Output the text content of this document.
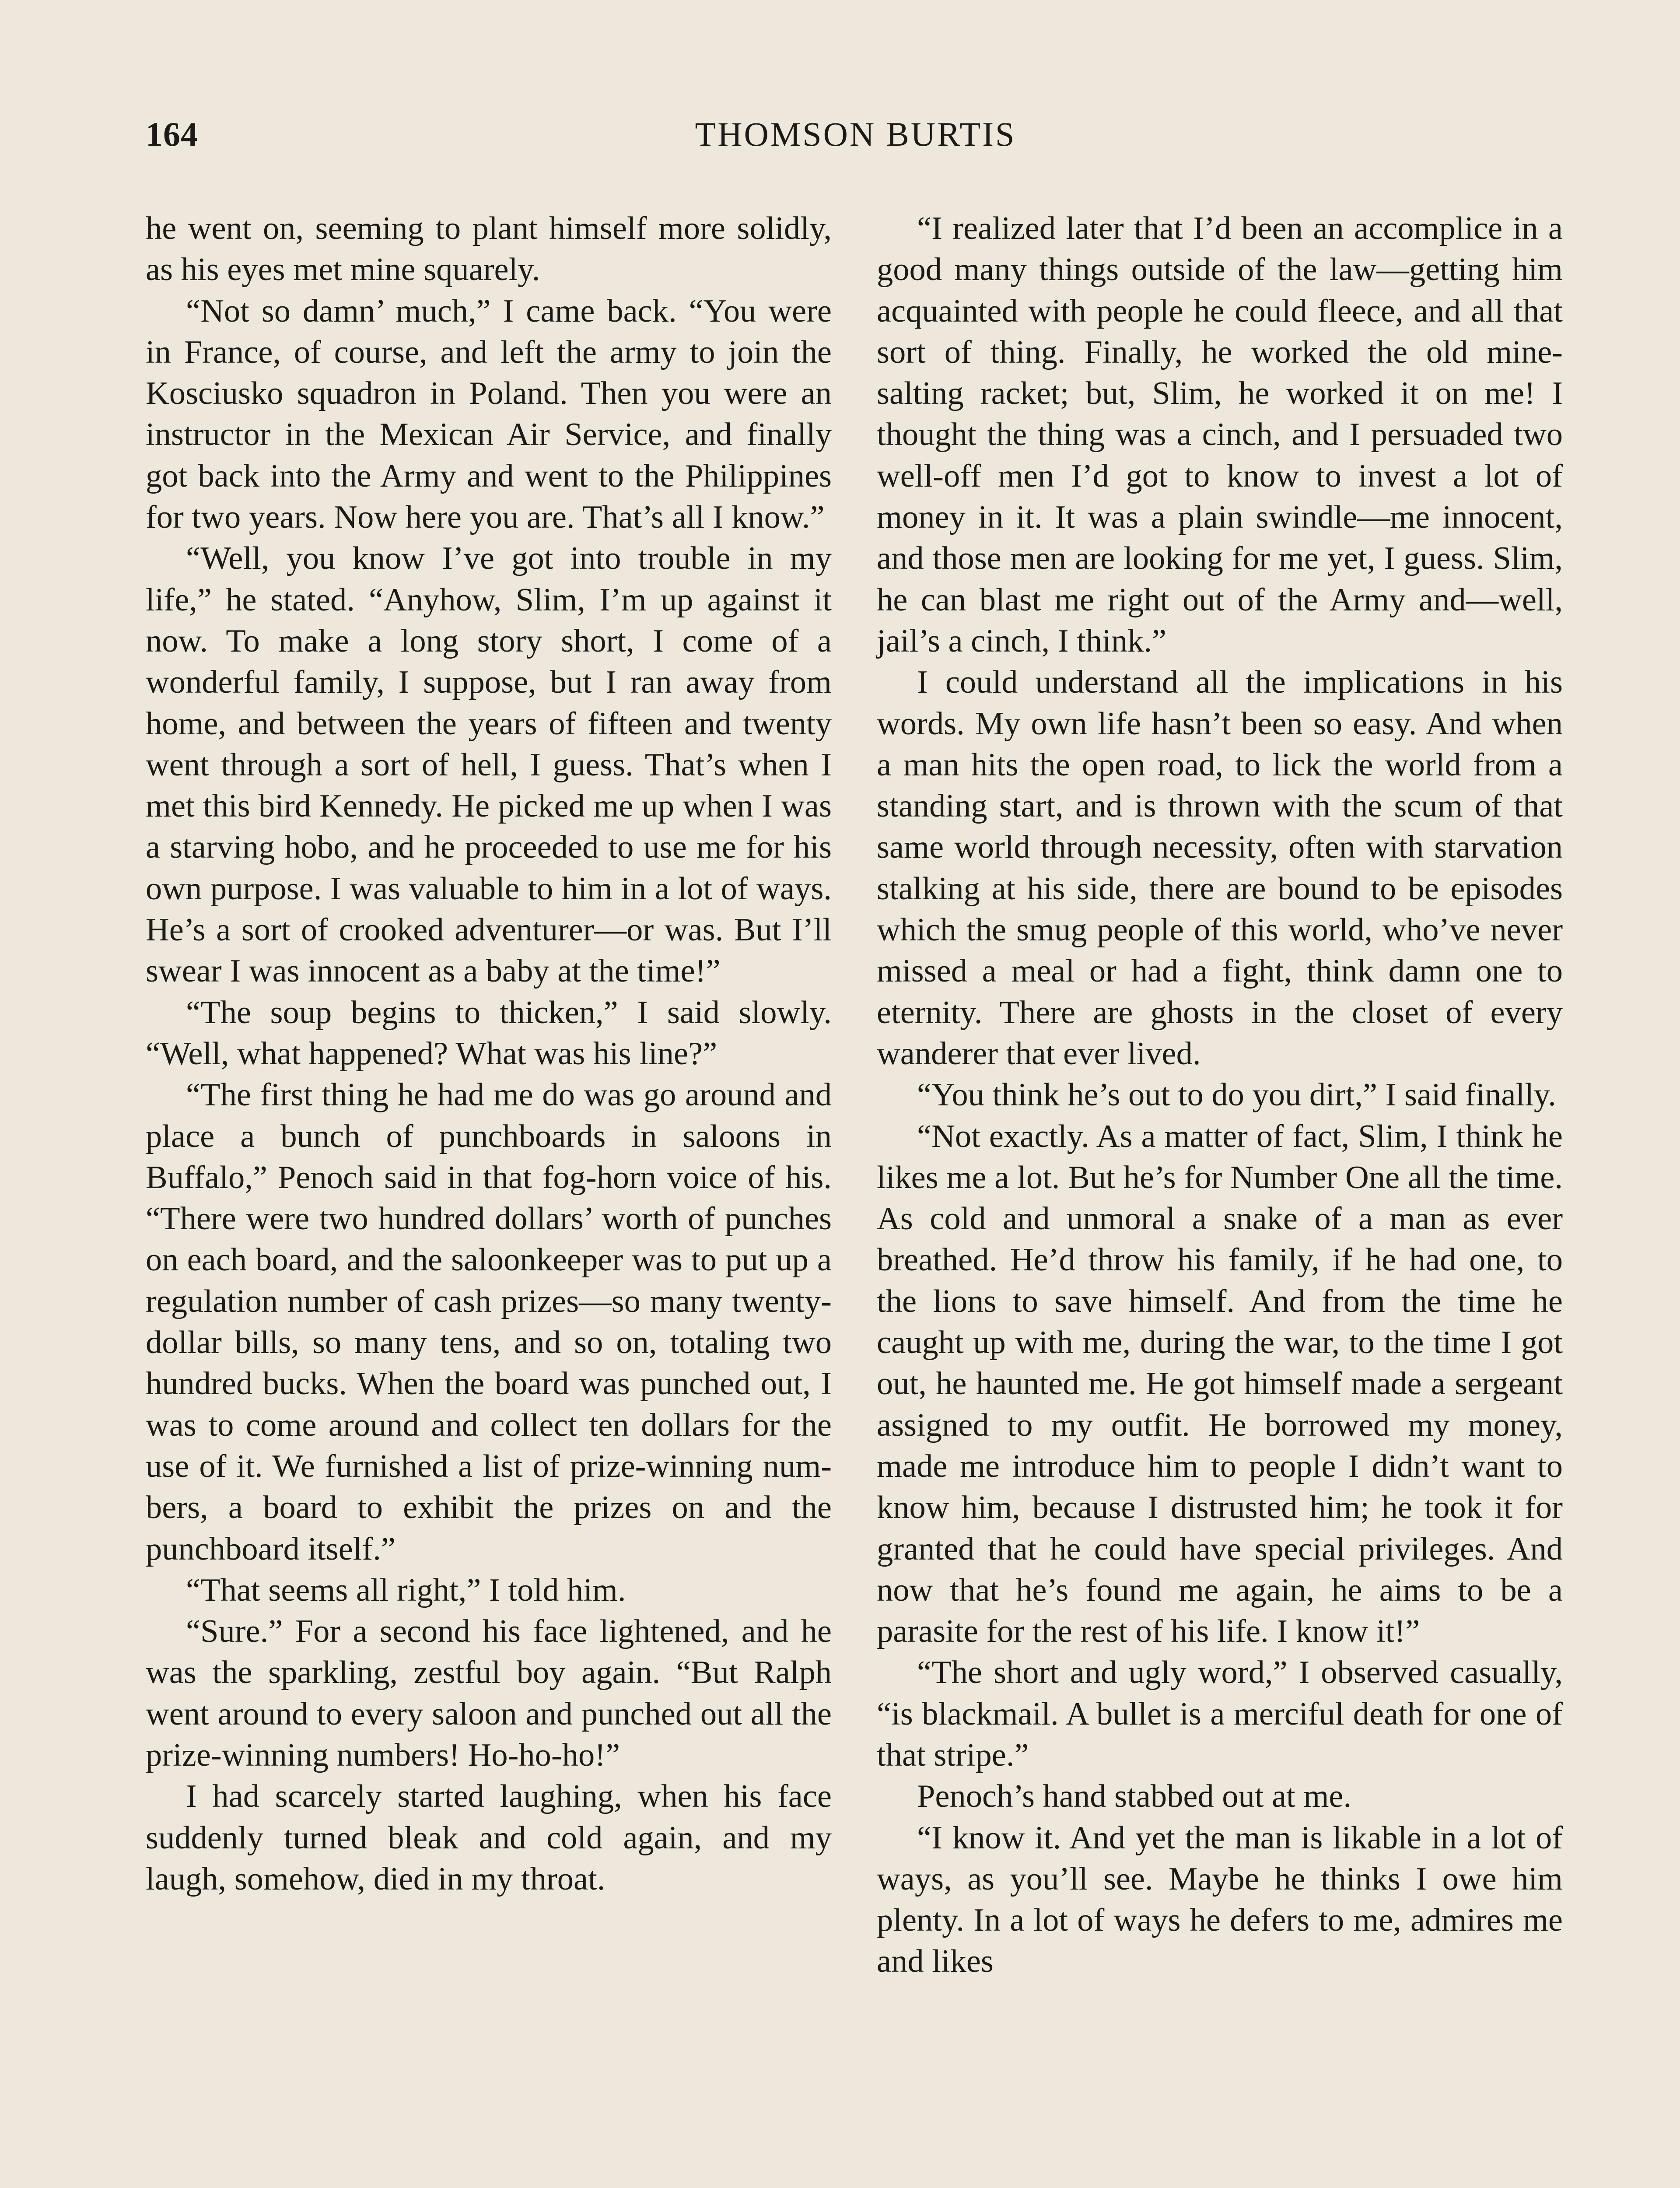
164	THOMSON BURTIS

he went on, seeming to plant himself more solidly, as his eyes met mine squarely.

“Not so damn’ much,” I came back. “You were in France, of course, and left the army to join the Kosciusko squadron in Poland. Then you were an instructor in the Mexican Air Service, and finally got back into the Army and went to the Philippines for two years. Now here you are. That’s all I know.”

“Well, you know I’ve got into trouble in my life,” he stated. “Anyhow, Slim, I’m up against it now. To make a long story short, I come of a wonderful family, I suppose, but I ran away from home, and between the years of fifteen and twenty went through a sort of hell, I guess. That’s when I met this bird Kennedy. He picked me up when I was a starving hobo, and he proceeded to use me for his own purpose. I was valuable to him in a lot of ways. He’s a sort of crooked adventurer—or was. But I’ll swear I was innocent as a baby at the time!”

“The soup begins to thicken,” I said slowly. “Well, what happened? What was his line?”

“The first thing he had me do was go around and place a bunch of punchboards in saloons in Buffalo,” Penoch said in that fog-horn voice of his. “There were two hundred dollars’ worth of punches on each board, and the saloonkeeper was to put up a regulation number of cash prizes—so many twenty-dollar bills, so many tens, and so on, totaling two hundred bucks. When the board was punched out, I was to come around and collect ten dollars for the use of it. We furnished a list of prize-winning numbers, a board to exhibit the prizes on and the punchboard itself.”

“That seems all right,” I told him.

“Sure.” For a second his face lightened, and he was the sparkling, zestful boy again. “But Ralph went around to every saloon and punched out all the prize-winning numbers! Ho-ho-ho!”

I had scarcely started laughing, when his face suddenly turned bleak and cold again, and my laugh, somehow, died in my throat.

“I realized later that I’d been an accomplice in a good many things outside of the law—getting him acquainted with people he could fleece, and all that sort of thing. Finally, he worked the old mine-salting racket; but, Slim, he worked it on me! I thought the thing was a cinch, and I persuaded two well-off men I’d got to know to invest a lot of money in it. It was a plain swindle—me innocent, and those men are looking for me yet, I guess. Slim, he can blast me right out of the Army and—well, jail’s a cinch, I think.”

I could understand all the implications in his words. My own life hasn’t been so easy. And when a man hits the open road, to lick the world from a standing start, and is thrown with the scum of that same world through necessity, often with starvation stalking at his side, there are bound to be episodes which the smug people of this world, who’ve never missed a meal or had a fight, think damn one to eternity. There are ghosts in the closet of every wanderer that ever lived.

“You think he’s out to do you dirt,” I said finally.

“Not exactly. As a matter of fact, Slim, I think he likes me a lot. But he’s for Number One all the time. As cold and unmoral a snake of a man as ever breathed. He’d throw his family, if he had one, to the lions to save himself. And from the time he caught up with me, during the war, to the time I got out, he haunted me. He got himself made a sergeant assigned to my outfit. He borrowed my money, made me introduce him to people I didn’t want to know him, because I distrusted him; he took it for granted that he could have special privileges. And now that he’s found me again, he aims to be a parasite for the rest of his life. I know it!”

“The short and ugly word,” I observed casually, “is blackmail. A bullet is a merciful death for one of that stripe.”

Penoch’s hand stabbed out at me.

“I know it. And yet the man is likable in a lot of ways, as you’ll see. Maybe he thinks I owe him plenty. In a lot of ways he defers to me, admires me and likes
